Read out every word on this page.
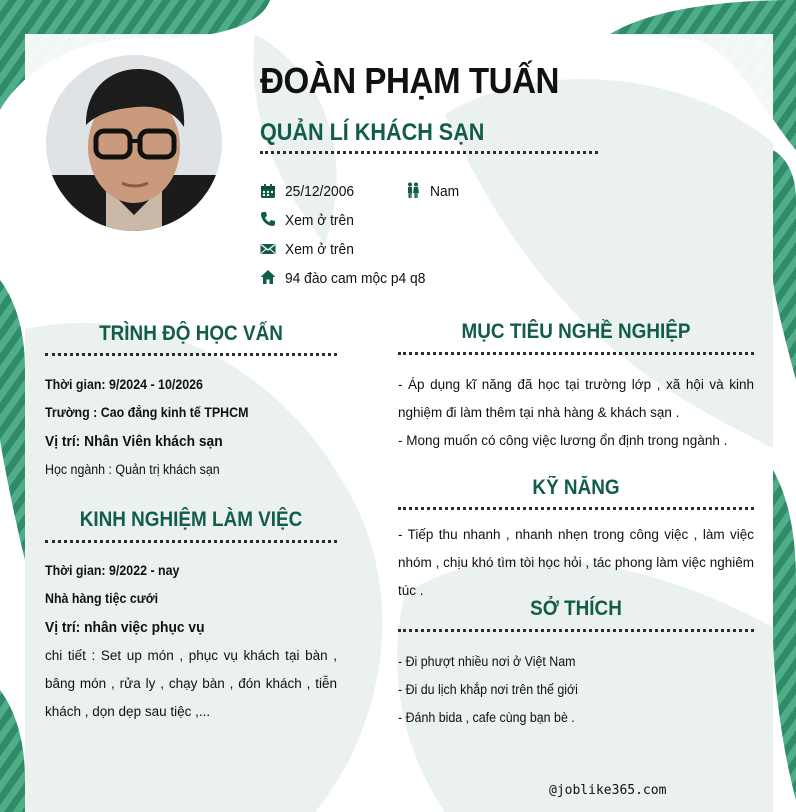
ĐOÀN PHẠM TUẤN
QUẢN LÍ KHÁCH SẠN
25/12/2006	Nam
Xem ở trên
Xem ở trên
94 đào cam mộc p4 q8
TRÌNH ĐỘ HỌC VẤN
Thời gian: 9/2024 - 10/2026
Trường : Cao đẳng kinh tế TPHCM
Vị trí: Nhân Viên khách sạn
Học ngành : Quản trị khách sạn
KINH NGHIỆM LÀM VIỆC
Thời gian: 9/2022 - nay
Nhà hàng tiệc cưới
Vị trí: nhân việc phục vụ
chi tiết : Set up món , phục vụ khách tại bàn , bâng món , rửa ly , chạy bàn , đón khách , tiễn khách , dọn dẹp sau tiệc ,...
MỤC TIÊU NGHỀ NGHIỆP
- Áp dụng kĩ năng đã học tại trường lớp , xã hội và kinh nghiệm đi làm thêm tại nhà hàng & khách sạn .
- Mong muốn có công việc lương ổn định trong ngành .
KỸ NĂNG
- Tiếp thu nhanh , nhanh nhẹn trong công việc , làm việc nhóm , chịu khó tìm tòi học hỏi , tác phong làm việc nghiêm túc .
SỞ THÍCH
- Đi phượt nhiều nơi ở Việt Nam
- Đi du lịch khắp nơi trên thế giới
- Đánh bida , cafe cùng bạn bè .
@joblike365.com
